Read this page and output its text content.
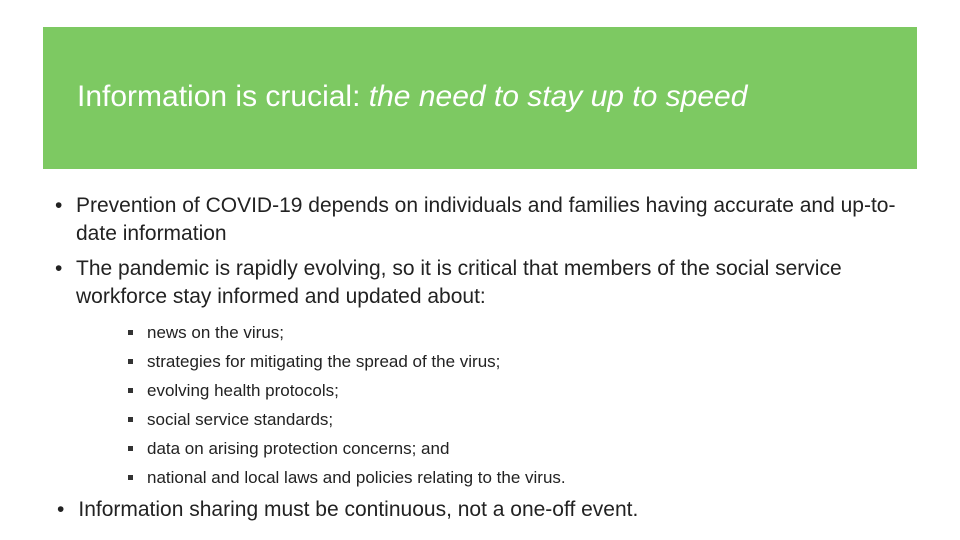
Information is crucial: the need to stay up to speed
• Prevention of COVID-19 depends on individuals and families having accurate and up-to-date information
• The pandemic is rapidly evolving, so it is critical that members of the social service workforce stay informed and updated about:
news on the virus;
strategies for mitigating the spread of the virus;
evolving health protocols;
social service standards;
data on arising protection concerns; and
national and local laws and policies relating to the virus.
• Information sharing must be continuous, not a one-off event.
